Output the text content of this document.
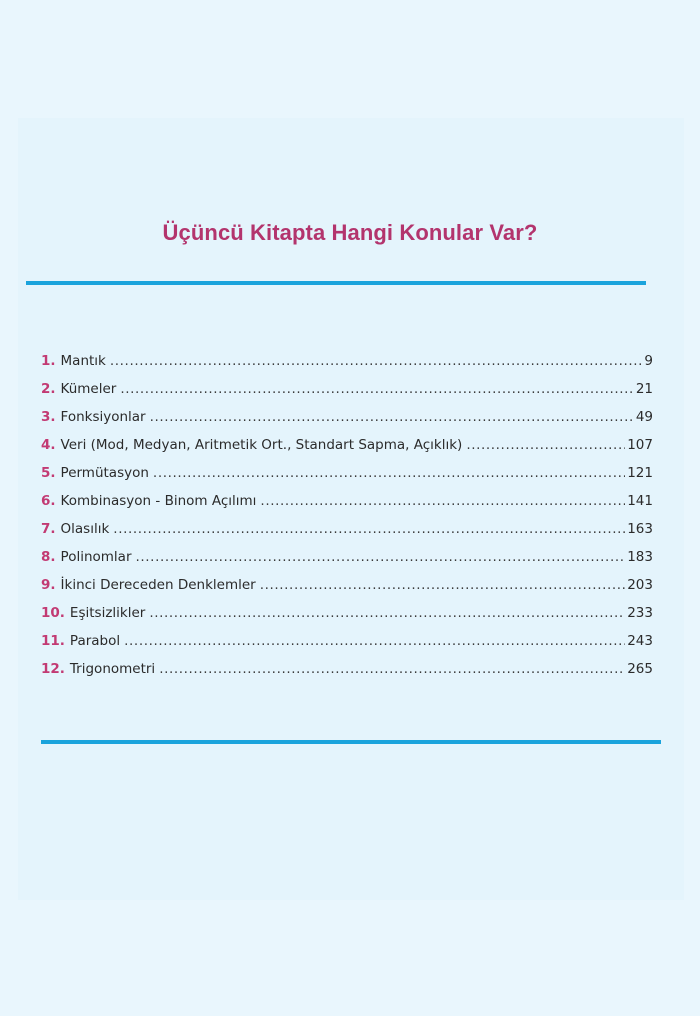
Üçüncü Kitapta Hangi Konular Var?
1. Mantık .....	9
2. Kümeler .....	21
3. Fonksiyonlar .....	49
4. Veri (Mod, Medyan, Aritmetik Ort., Standart Sapma, Açıklık) .....	107
5. Permütasyon .....	121
6. Kombinasyon - Binom Açılımı .....	141
7. Olasılık .....	163
8. Polinomlar .....	183
9. İkinci Dereceden Denklemler .....	203
10. Eşitsizlikler .....	233
11. Parabol .....	243
12. Trigonometri .....	265
